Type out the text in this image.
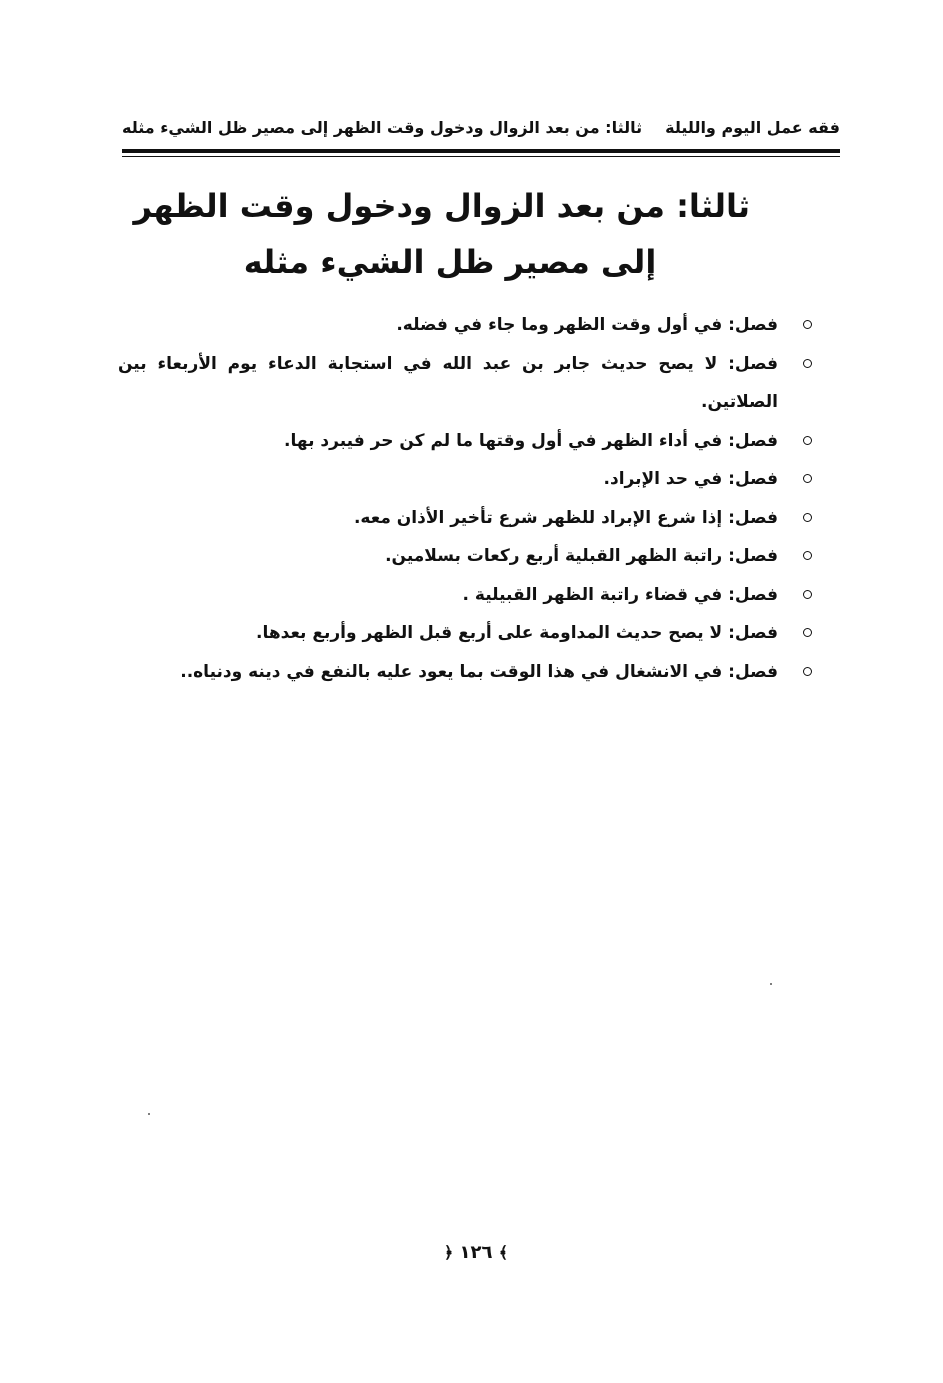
فقه عمل اليوم والليلة
ثالثا: من بعد الزوال ودخول وقت الظهر إلى مصير ظل الشيء مثله
ثالثا: من بعد الزوال ودخول وقت الظهر
إلى مصير ظل الشيء مثله
فصل: في أول وقت الظهر وما جاء في فضله.
فصل: لا يصح حديث جابر بن عبد الله في استجابة الدعاء يوم الأربعاء بين الصلاتين.
فصل: في أداء الظهر في أول وقتها ما لم كن حر فيبرد بها.
فصل: في حد الإبراد.
فصل: إذا شرع الإبراد للظهر شرع تأخير الأذان معه.
فصل: راتبة الظهر القبلية أربع ركعات بسلامين.
فصل: في قضاء راتبة الظهر القبيلية .
فصل: لا يصح حديث المداومة على أربع قبل الظهر وأربع بعدها.
فصل: في الانشغال في هذا الوقت بما يعود عليه بالنفع في دينه ودنياه..
﴾ ١٢٦ ﴿
